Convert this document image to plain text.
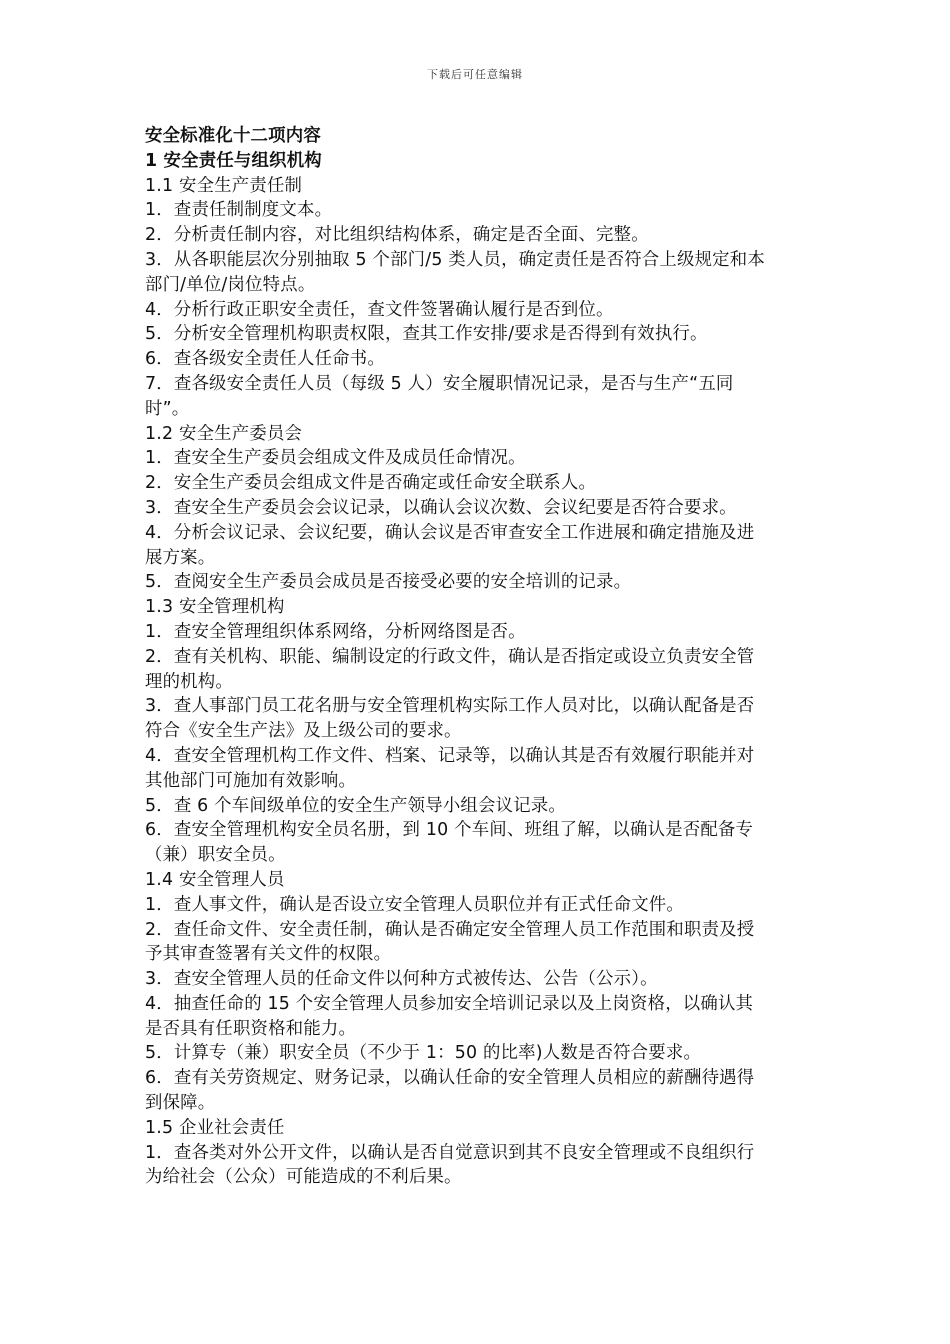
下载后可任意编辑
安全标准化十二项内容
1 安全责任与组织机构
1.1 安全生产责任制
1．查责任制制度文本。
2．分析责任制内容，对比组织结构体系，确定是否全面、完整。
3．从各职能层次分别抽取 5 个部门/5 类人员，确定责任是否符合上级规定和本
部门/单位/岗位特点。
4．分析行政正职安全责任，查文件签署确认履行是否到位。
5．分析安全管理机构职责权限，查其工作安排/要求是否得到有效执行。
6．查各级安全责任人任命书。
7．查各级安全责任人员（每级 5 人）安全履职情况记录，是否与生产“五同
时”。
1.2 安全生产委员会
1．查安全生产委员会组成文件及成员任命情况。
2．安全生产委员会组成文件是否确定或任命安全联系人。
3．查安全生产委员会会议记录，以确认会议次数、会议纪要是否符合要求。
4．分析会议记录、会议纪要，确认会议是否审查安全工作进展和确定措施及进
展方案。
5．查阅安全生产委员会成员是否接受必要的安全培训的记录。
1.3 安全管理机构
1．查安全管理组织体系网络，分析网络图是否。
2．查有关机构、职能、编制设定的行政文件，确认是否指定或设立负责安全管
理的机构。
3．查人事部门员工花名册与安全管理机构实际工作人员对比，以确认配备是否
符合《安全生产法》及上级公司的要求。
4．查安全管理机构工作文件、档案、记录等，以确认其是否有效履行职能并对
其他部门可施加有效影响。
5．查 6 个车间级单位的安全生产领导小组会议记录。
6．查安全管理机构安全员名册，到 10 个车间、班组了解，以确认是否配备专
（兼）职安全员。
1.4 安全管理人员
1．查人事文件，确认是否设立安全管理人员职位并有正式任命文件。
2．查任命文件、安全责任制，确认是否确定安全管理人员工作范围和职责及授
予其审查签署有关文件的权限。
3．查安全管理人员的任命文件以何种方式被传达、公告（公示）。
4．抽查任命的 15 个安全管理人员参加安全培训记录以及上岗资格，以确认其
是否具有任职资格和能力。
5．计算专（兼）职安全员（不少于 1：50 的比率)人数是否符合要求。
6．查有关劳资规定、财务记录，以确认任命的安全管理人员相应的薪酬待遇得
到保障。
1.5 企业社会责任
1．查各类对外公开文件，以确认是否自觉意识到其不良安全管理或不良组织行
为给社会（公众）可能造成的不利后果。
